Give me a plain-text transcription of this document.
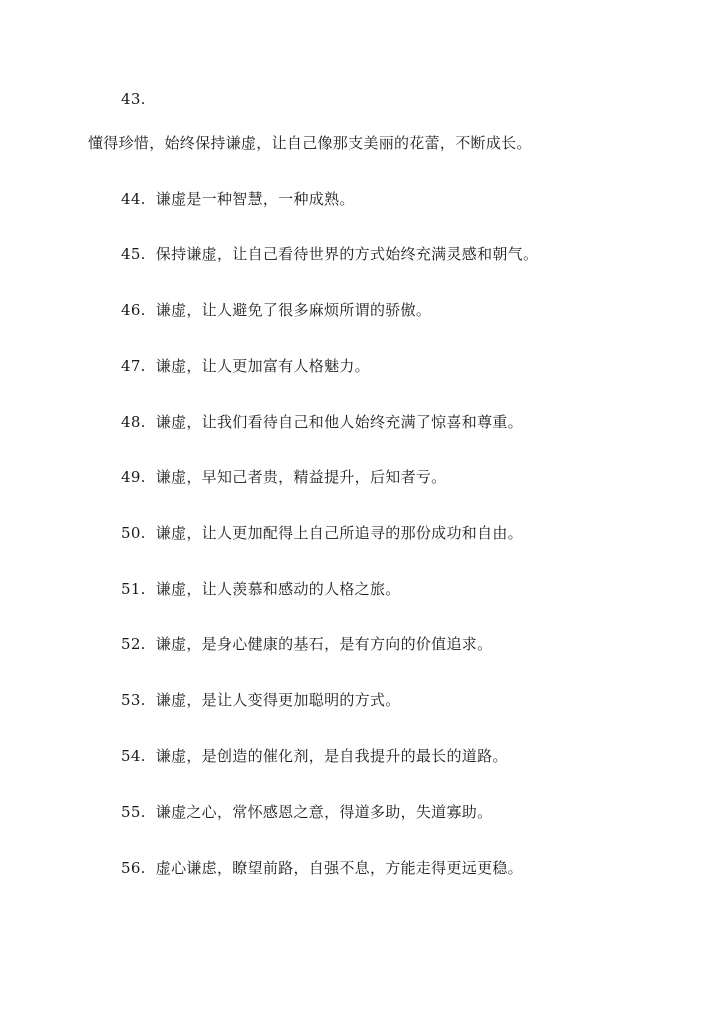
43.
懂得珍惜，始终保持谦虚，让自己像那支美丽的花蕾，不断成长。
44. 谦虚是一种智慧，一种成熟。
45. 保持谦虚，让自己看待世界的方式始终充满灵感和朝气。
46. 谦虚，让人避免了很多麻烦所谓的骄傲。
47. 谦虚，让人更加富有人格魅力。
48. 谦虚，让我们看待自己和他人始终充满了惊喜和尊重。
49. 谦虚，早知己者贵，精益提升，后知者亏。
50. 谦虚，让人更加配得上自己所追寻的那份成功和自由。
51. 谦虚，让人羡慕和感动的人格之旅。
52. 谦虚，是身心健康的基石，是有方向的价值追求。
53. 谦虚，是让人变得更加聪明的方式。
54. 谦虚，是创造的催化剂，是自我提升的最长的道路。
55. 谦虚之心，常怀感恩之意，得道多助，失道寡助。
56. 虚心谦虑，瞭望前路，自强不息，方能走得更远更稳。
